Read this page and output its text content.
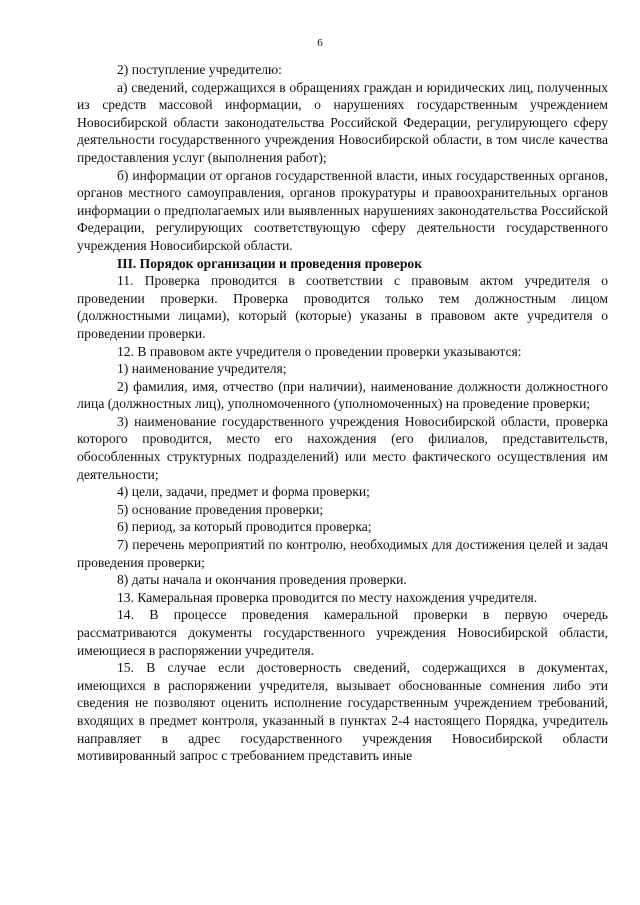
6

2) поступление учредителю:

а) сведений, содержащихся в обращениях граждан и юридических лиц, полученных из средств массовой информации, о нарушениях государственным учреждением Новосибирской области законодательства Российской Федерации, регулирующего сферу деятельности государственного учреждения Новосибирской области, в том числе качества предоставления услуг (выполнения работ);

б) информации от органов государственной власти, иных государственных органов, органов местного самоуправления, органов прокуратуры и правоохранительных органов информации о предполагаемых или выявленных нарушениях законодательства Российской Федерации, регулирующих соответствующую сферу деятельности государственного учреждения Новосибирской области.

III. Порядок организации и проведения проверок

11. Проверка проводится в соответствии с правовым актом учредителя о проведении проверки. Проверка проводится только тем должностным лицом (должностными лицами), который (которые) указаны в правовом акте учредителя о проведении проверки.

12. В правовом акте учредителя о проведении проверки указываются:

1) наименование учредителя;

2) фамилия, имя, отчество (при наличии), наименование должности должностного лица (должностных лиц), уполномоченного (уполномоченных) на проведение проверки;

3) наименование государственного учреждения Новосибирской области, проверка которого проводится, место его нахождения (его филиалов, представительств, обособленных структурных подразделений) или место фактического осуществления им деятельности;

4) цели, задачи, предмет и форма проверки;

5) основание проведения проверки;

6) период, за который проводится проверка;

7) перечень мероприятий по контролю, необходимых для достижения целей и задач проведения проверки;

8) даты начала и окончания проведения проверки.

13. Камеральная проверка проводится по месту нахождения учредителя.

14. В процессе проведения камеральной проверки в первую очередь рассматриваются документы государственного учреждения Новосибирской области, имеющиеся в распоряжении учредителя.

15. В случае если достоверность сведений, содержащихся в документах, имеющихся в распоряжении учредителя, вызывает обоснованные сомнения либо эти сведения не позволяют оценить исполнение государственным учреждением требований, входящих в предмет контроля, указанный в пунктах 2-4 настоящего Порядка, учредитель направляет в адрес государственного учреждения Новосибирской области мотивированный запрос с требованием представить иные
